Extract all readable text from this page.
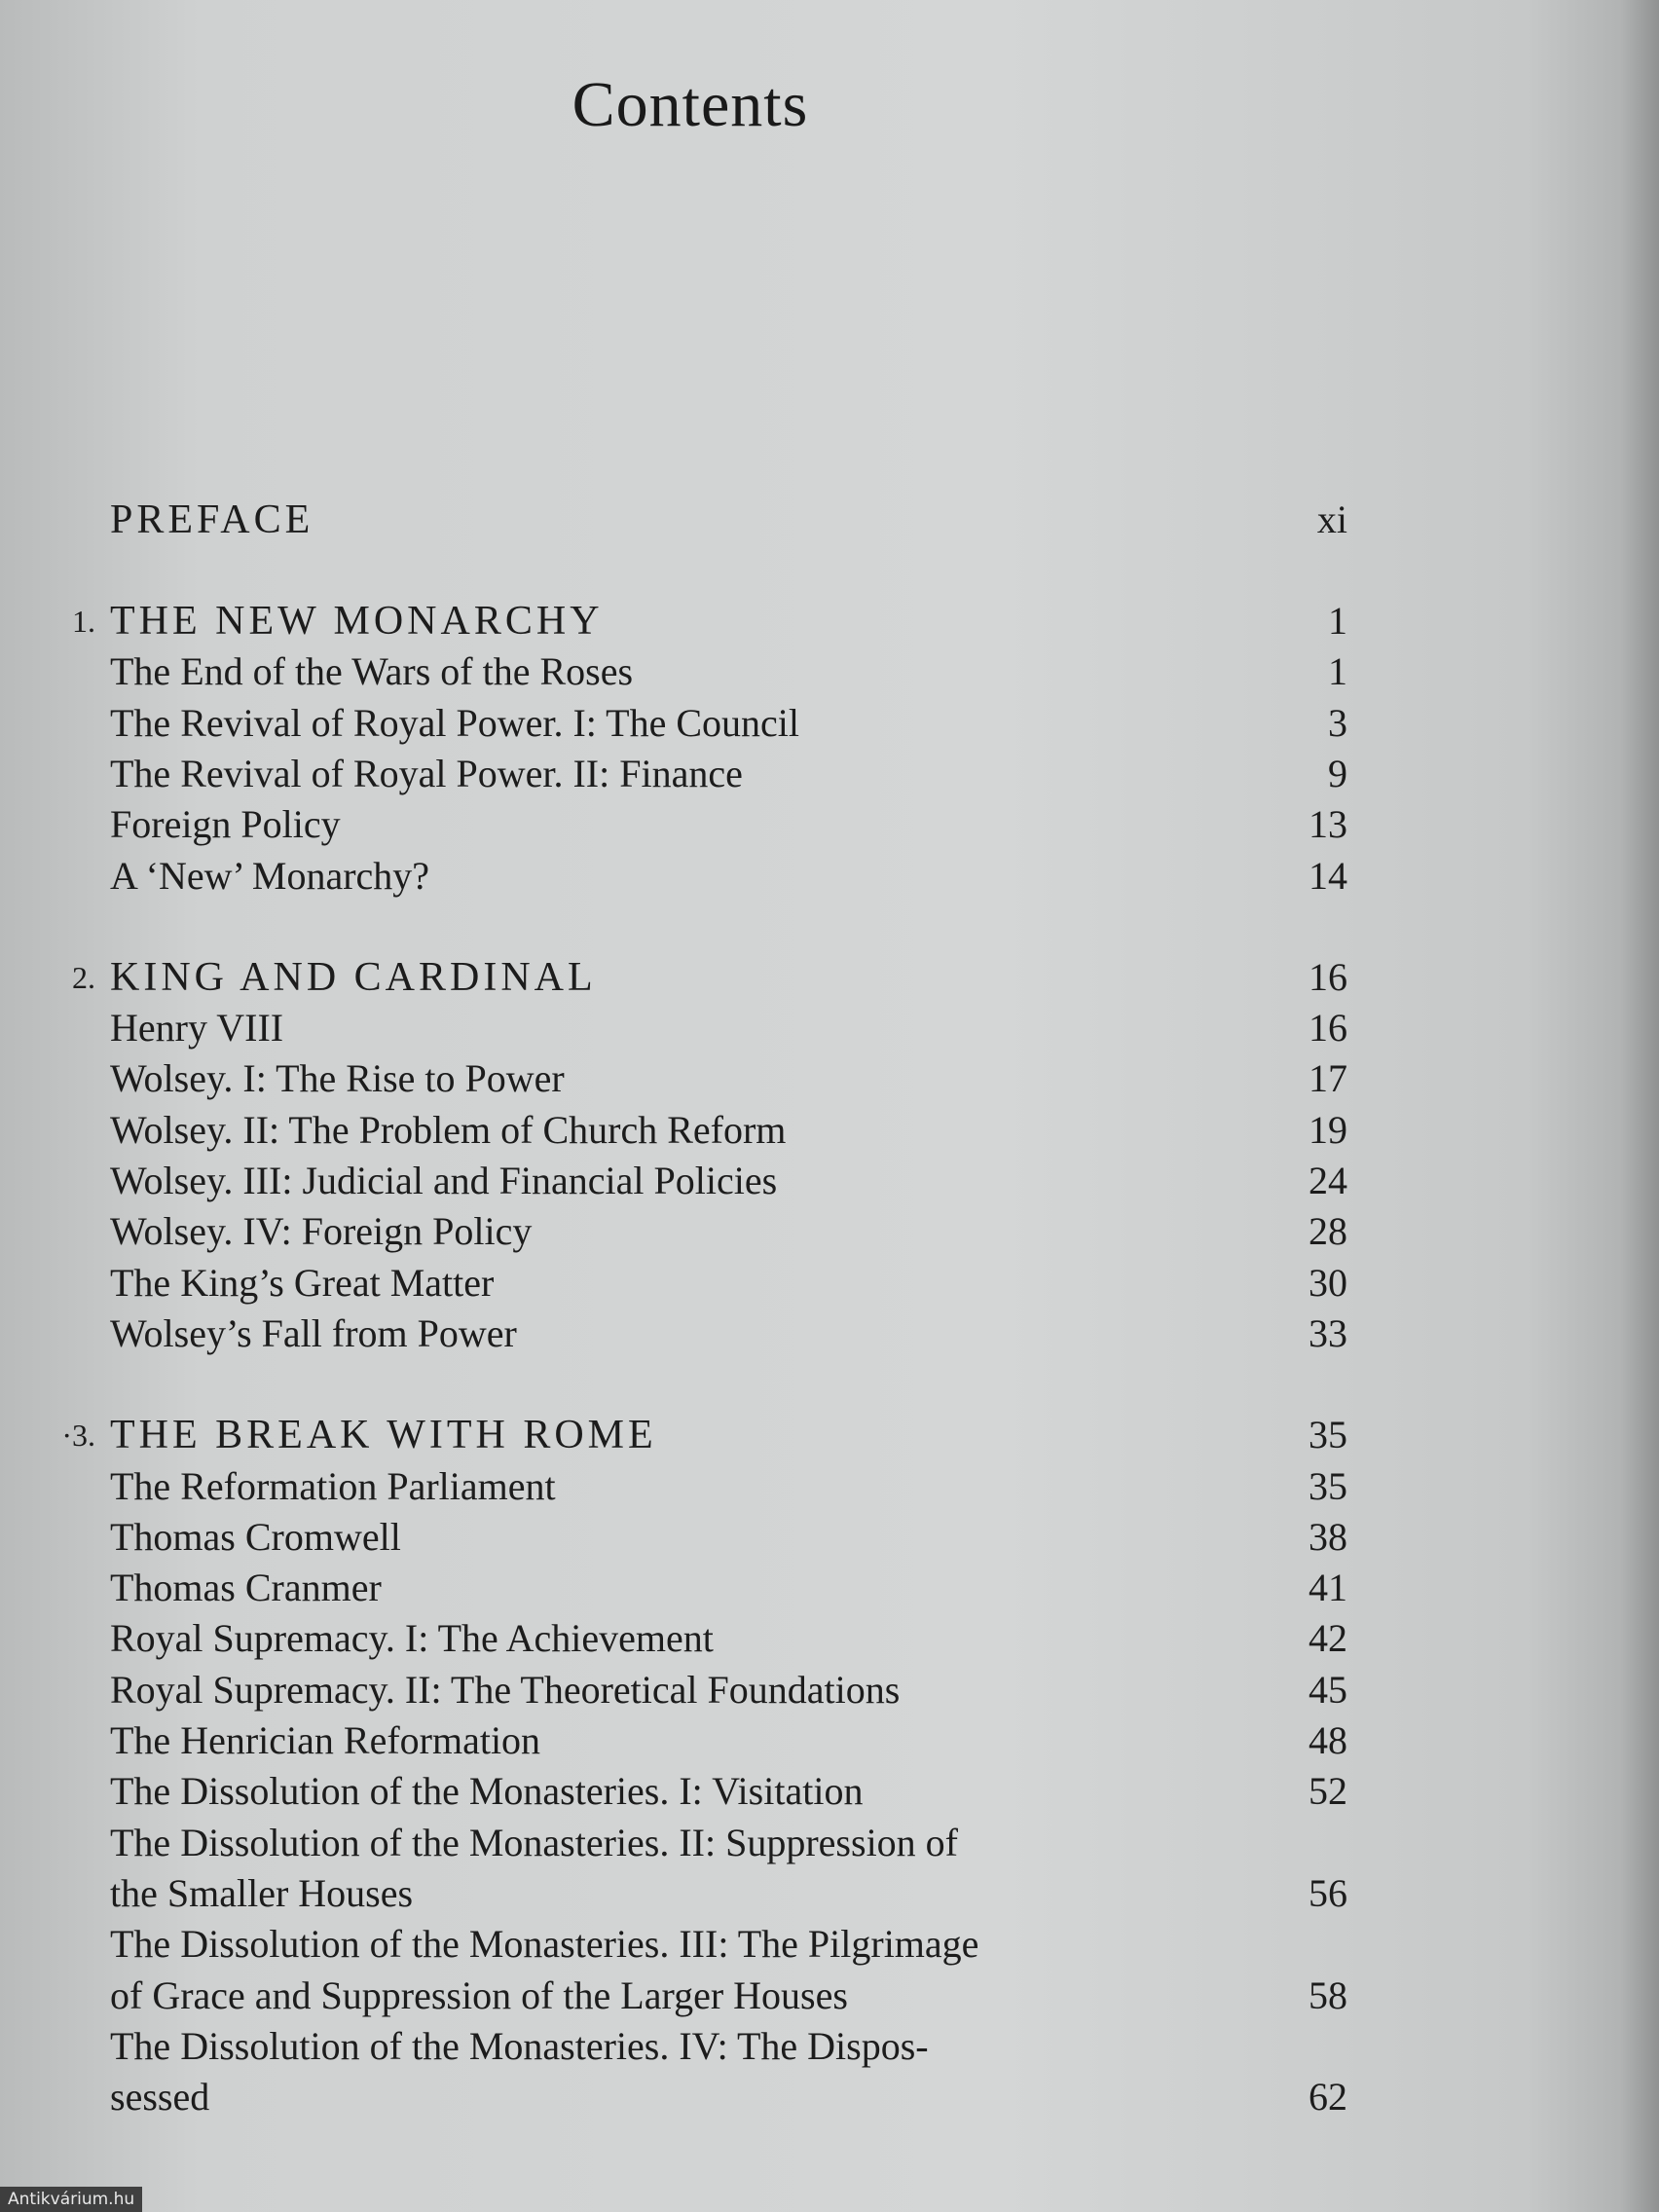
Contents
PREFACE	xi
1. THE NEW MONARCHY	1
The End of the Wars of the Roses	1
The Revival of Royal Power. I: The Council	3
The Revival of Royal Power. II: Finance	9
Foreign Policy	13
A ‘New’ Monarchy?	14
2. KING AND CARDINAL	16
Henry VIII	16
Wolsey. I: The Rise to Power	17
Wolsey. II: The Problem of Church Reform	19
Wolsey. III: Judicial and Financial Policies	24
Wolsey. IV: Foreign Policy	28
The King’s Great Matter	30
Wolsey’s Fall from Power	33
·3. THE BREAK WITH ROME	35
The Reformation Parliament	35
Thomas Cromwell	38
Thomas Cranmer	41
Royal Supremacy. I: The Achievement	42
Royal Supremacy. II: The Theoretical Foundations	45
The Henrician Reformation	48
The Dissolution of the Monasteries. I: Visitation	52
The Dissolution of the Monasteries. II: Suppression of
the Smaller Houses	56
The Dissolution of the Monasteries. III: The Pilgrimage
of Grace and Suppression of the Larger Houses	58
The Dissolution of the Monasteries. IV: The Dispos-
sessed	62
Antikvárium.hu
